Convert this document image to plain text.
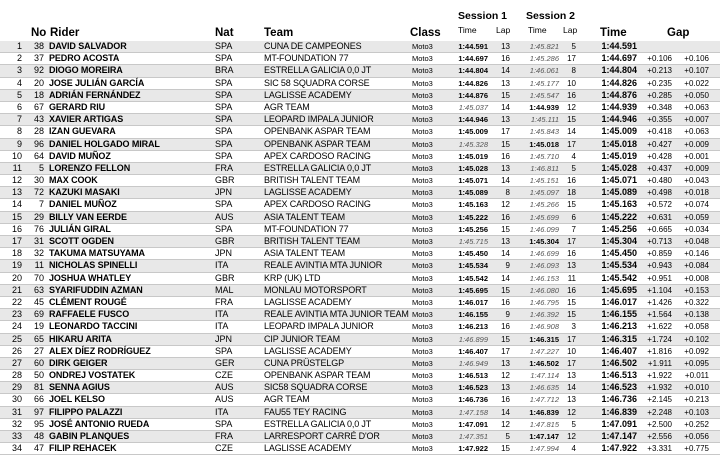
Session 1 Session 2
Time Lap Time Lap
No Rider	Nat	Team	Class	Time	Gap
1	38 DAVID SALVADOR	SPA	CUNA DE CAMPEONES	Moto3	1:44.591	13	1:45.821	5	1:44.591
2	37 PEDRO ACOSTA	SPA	MT-FOUNDATION 77	Moto3	1:44.697	16	1:45.286	17	1:44.697	+0.106	+0.106
3	92 DIOGO MOREIRA	BRA	ESTRELLA GALICIA 0,0 JT	Moto3	1:44.804	14	1:46.061	8	1:44.804	+0.213	+0.107
4	20 JOSE JULIÁN GARCÍA	SPA	SIC 58 SQUADRA CORSE	Moto3	1:44.826	13	1:45.177	10	1:44.826	+0.235	+0.022
5	18 ADRIÁN FERNÁNDEZ	SPA	LAGLISSE ACADEMY	Moto3	1:44.876	15	1:45.547	16	1:44.876	+0.285	+0.050
6	67 GERARD RIU	SPA	AGR TEAM	Moto3	1:45.037	14	1:44.939	12	1:44.939	+0.348	+0.063
7	43 XAVIER ARTIGAS	SPA	LEOPARD IMPALA JUNIOR	Moto3	1:44.946	13	1:45.111	15	1:44.946	+0.355	+0.007
8	28 IZAN GUEVARA	SPA	OPENBANK ASPAR TEAM	Moto3	1:45.009	17	1:45.843	14	1:45.009	+0.418	+0.063
9	96 DANIEL HOLGADO MIRAL	SPA	OPENBANK ASPAR TEAM	Moto3	1:45.328	15	1:45.018	17	1:45.018	+0.427	+0.009
10	64 DAVID MUÑOZ	SPA	APEX CARDOSO RACING	Moto3	1:45.019	16	1:45.710	4	1:45.019	+0.428	+0.001
11	5 LORENZO FELLON	FRA	ESTRELLA GALICIA 0,0 JT	Moto3	1:45.028	13	1:46.811	5	1:45.028	+0.437	+0.009
12	30 MAX COOK	GBR	BRITISH TALENT TEAM	Moto3	1:45.071	14	1:45.151	16	1:45.071	+0.480	+0.043
13	72 KAZUKI MASAKI	JPN	LAGLISSE ACADEMY	Moto3	1:45.089	8	1:45.097	18	1:45.089	+0.498	+0.018
14	7 DANIEL MUÑOZ	SPA	APEX CARDOSO RACING	Moto3	1:45.163	12	1:45.266	15	1:45.163	+0.572	+0.074
15	29 BILLY VAN EERDE	AUS	ASIA TALENT TEAM	Moto3	1:45.222	16	1:45.699	6	1:45.222	+0.631	+0.059
16	76 JULIÁN GIRAL	SPA	MT-FOUNDATION 77	Moto3	1:45.256	15	1:46.099	7	1:45.256	+0.665	+0.034
17	31 SCOTT OGDEN	GBR	BRITISH TALENT TEAM	Moto3	1:45.715	13	1:45.304	17	1:45.304	+0.713	+0.048
18	32 TAKUMA MATSUYAMA	JPN	ASIA TALENT TEAM	Moto3	1:45.450	14	1:46.699	16	1:45.450	+0.859	+0.146
19	11 NICHOLAS SPINELLI	ITA	REALE AVINTIA MTA JUNIOR	Moto3	1:45.534	9	1:46.093	13	1:45.534	+0.943	+0.084
20	70 JOSHUA WHATLEY	GBR	KRP (UK) LTD	Moto3	1:45.542	14	1:46.153	11	1:45.542	+0.951	+0.008
21	63 SYARIFUDDIN AZMAN	MAL	MONLAU MOTORSPORT	Moto3	1:45.695	15	1:46.080	16	1:45.695	+1.104	+0.153
22	45 CLÉMENT ROUGÉ	FRA	LAGLISSE ACADEMY	Moto3	1:46.017	16	1:46.795	15	1:46.017	+1.426	+0.322
23	69 RAFFAELE FUSCO	ITA	REALE AVINTIA MTA JUNIOR TEAM Moto3	1:46.155	9	1:46.392	15	1:46.155	+1.564	+0.138
24	19 LEONARDO TACCINI	ITA	LEOPARD IMPALA JUNIOR	Moto3	1:46.213	16	1:46.908	3	1:46.213	+1.622	+0.058
25	65 HIKARU ARITA	JPN	CIP JUNIOR TEAM	Moto3	1:46.899	15	1:46.315	17	1:46.315	+1.724	+0.102
26	27 ALEX DÍEZ RODRÍGUEZ	SPA	LAGLISSE ACADEMY	Moto3	1:46.407	17	1:47.227	10	1:46.407	+1.816	+0.092
27	60 DIRK GEIGER	GER	CUNA PRÜSTELGP	Moto3	1:46.949	13	1:46.502	17	1:46.502	+1.911	+0.095
28	50 ONDREJ VOSTATEK	CZE	OPENBANK ASPAR TEAM	Moto3	1:46.513	12	1:47.114	13	1:46.513	+1.922	+0.011
29	81 SENNA AGIUS	AUS	SIC58 SQUADRA CORSE	Moto3	1:46.523	13	1:46.635	14	1:46.523	+1.932	+0.010
30	66 JOEL KELSO	AUS	AGR TEAM	Moto3	1:46.736	16	1:47.712	13	1:46.736	+2.145	+0.213
31	97 FILIPPO PALAZZI	ITA	FAU55 TEY RACING	Moto3	1:47.158	14	1:46.839	12	1:46.839	+2.248	+0.103
32	95 JOSÉ ANTONIO RUEDA	SPA	ESTRELLA GALICIA 0,0 JT	Moto3	1:47.091	12	1:47.815	5	1:47.091	+2.500	+0.252
33	48 GABIN PLANQUES	FRA	LARRESPORT CARRÉ D'OR	Moto3	1:47.351	5	1:47.147	12	1:47.147	+2.556	+0.056
34	47 FILIP REHACEK	CZE	LAGLISSE ACADEMY	Moto3	1:47.922	15	1:47.994	4	1:47.922	+3.331	+0.775
